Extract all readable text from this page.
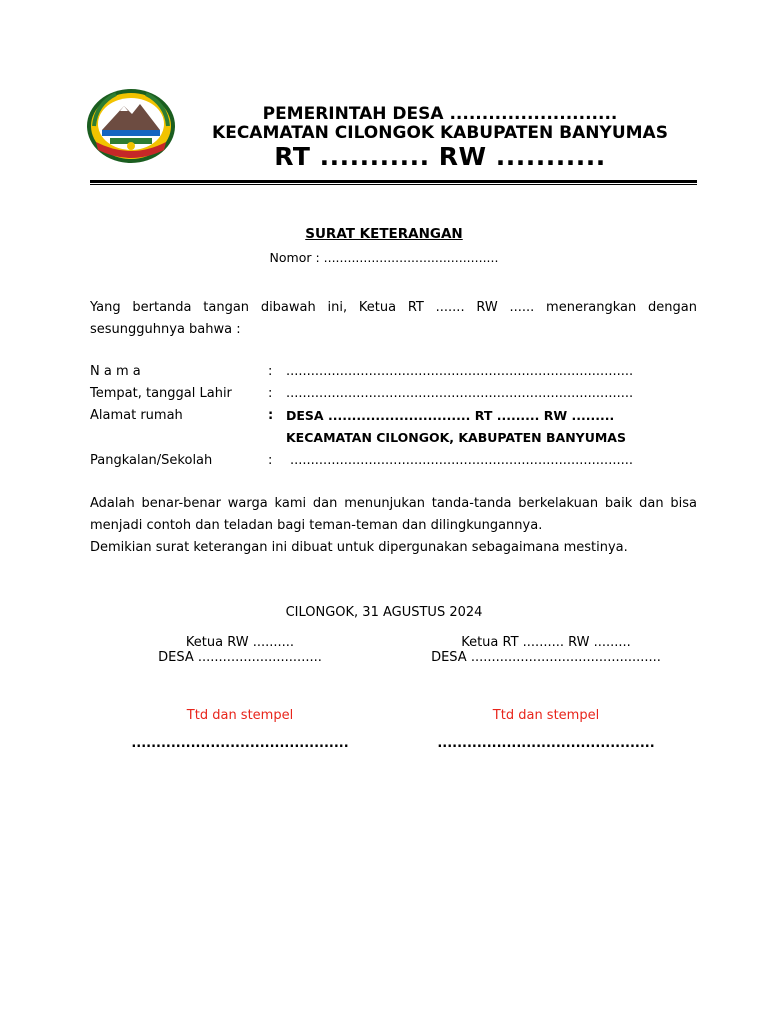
PEMERINTAH DESA ..........................
KECAMATAN CILONGOK KABUPATEN BANYUMAS
RT ........... RW ...........
SURAT KETERANGAN
Nomor : ............................................
Yang bertanda tangan dibawah ini, Ketua RT ....... RW ...... menerangkan dengan sesungguhnya bahwa :
N a m a	: ....................................................................................
Tempat, tanggal Lahir	: ....................................................................................
Alamat rumah	: DESA .............................. RT ......... RW .........
KECAMATAN CILONGOK, KABUPATEN BANYUMAS
Pangkalan/Sekolah	: ...................................................................................
Adalah benar-benar warga kami dan menunjukan tanda-tanda berkelakuan baik dan bisa menjadi contoh dan teladan bagi teman-teman dan dilingkungannya.
Demikian surat keterangan ini dibuat untuk dipergunakan sebagaimana mestinya.
CILONGOK, 31 AGUSTUS 2024
Ketua RW ..........
DESA ..............................
Ttd dan stempel
............................................
Ketua RT .......... RW .........
DESA ..............................................
Ttd dan stempel
............................................
